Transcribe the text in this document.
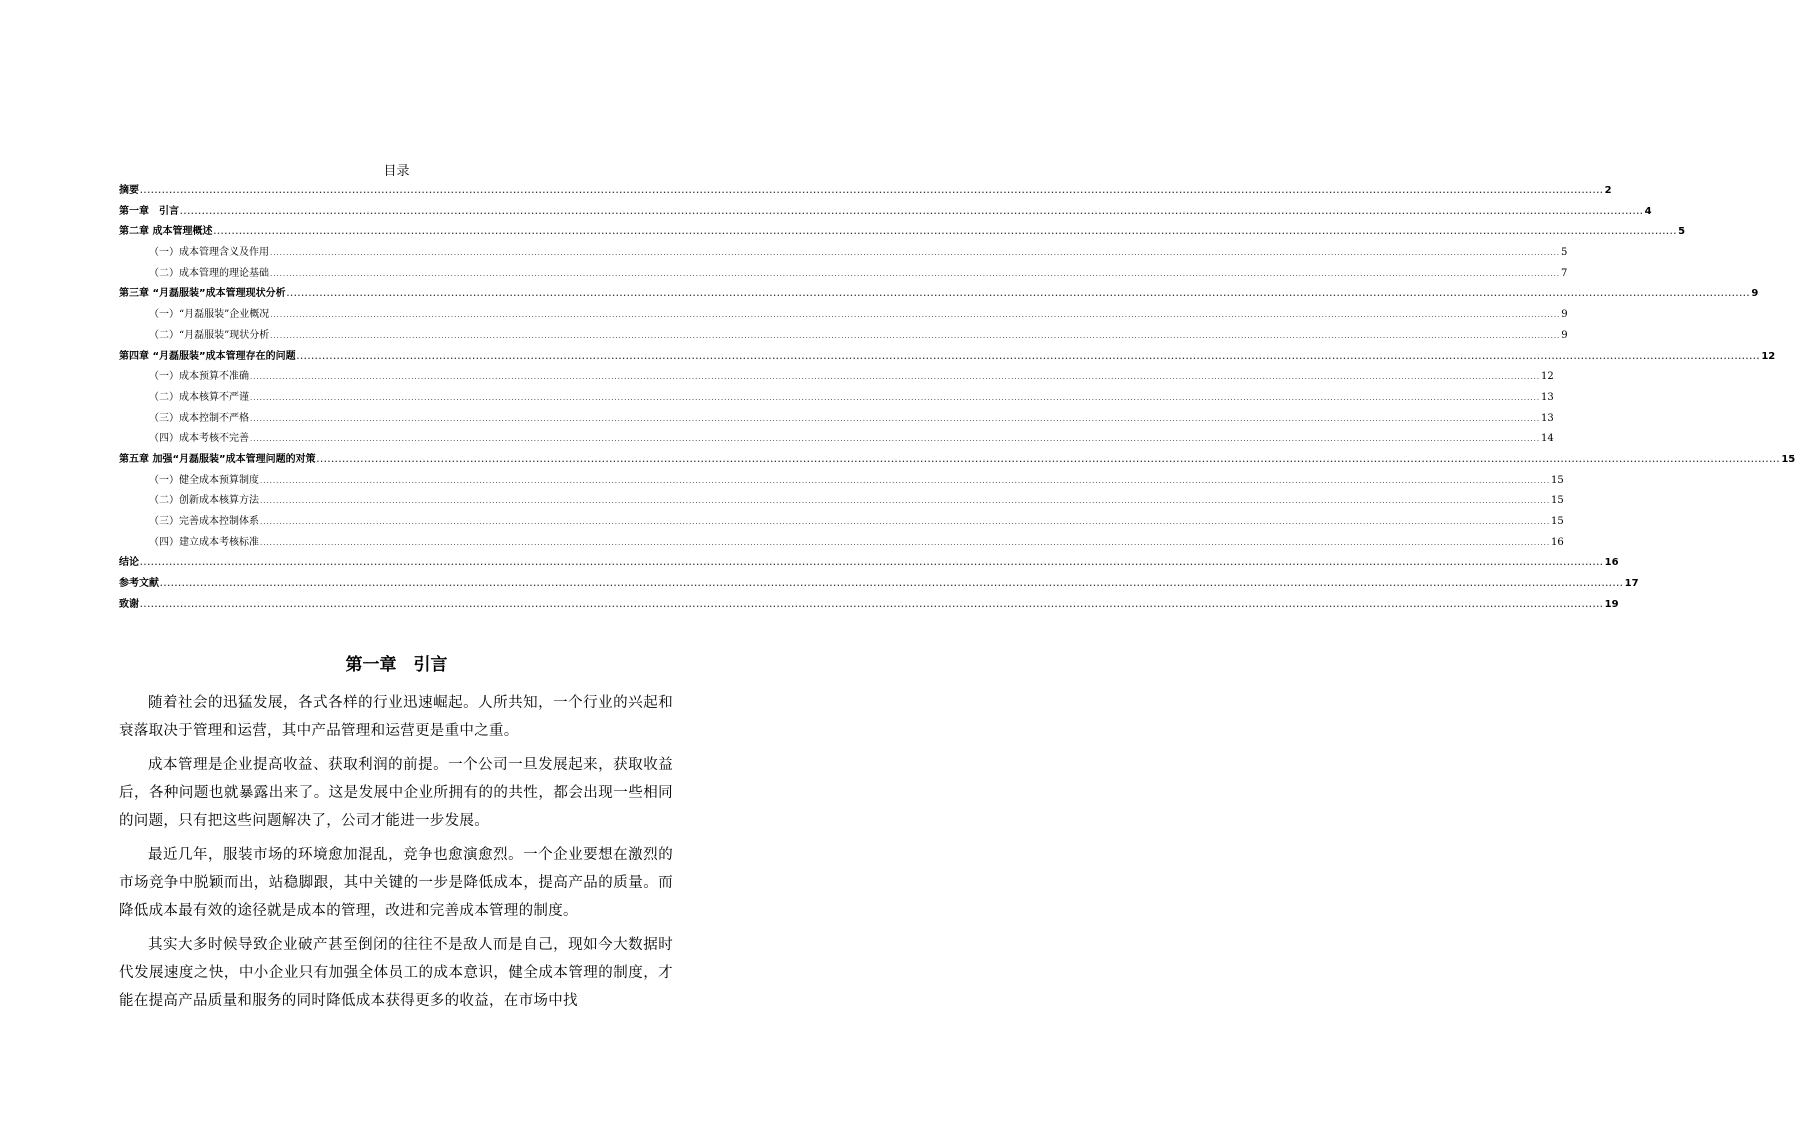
目录
摘要 ................................................................................................................................................................................................................................................................................................................................................................................................................ 2
第一章　引言 ................................................................................................................................................................................................................................................................................................................................................................................................................ 4
第二章 成本管理概述 ................................................................................................................................................................................................................................................................................................................................................................................................................ 5
（一）成本管理含义及作用 ................................................................................................................................................................................................................................................................................................................................................................................................................ 5
（二）成本管理的理论基础 ................................................................................................................................................................................................................................................................................................................................................................................................................ 7
第三章 “月磊服装”成本管理现状分析 ................................................................................................................................................................................................................................................................................................................................................................................................................ 9
（一）“月磊服装”企业概况 ................................................................................................................................................................................................................................................................................................................................................................................................................ 9
（二）“月磊服装”现状分析 ................................................................................................................................................................................................................................................................................................................................................................................................................ 9
第四章 “月磊服装”成本管理存在的问题 ................................................................................................................................................................................................................................................................................................................................................................................................................ 12
（一）成本预算不准确 ................................................................................................................................................................................................................................................................................................................................................................................................................ 12
（二）成本核算不严谨 ................................................................................................................................................................................................................................................................................................................................................................................................................ 13
（三）成本控制不严格 ................................................................................................................................................................................................................................................................................................................................................................................................................ 13
（四）成本考核不完善 ................................................................................................................................................................................................................................................................................................................................................................................................................ 14
第五章 加强“月磊服装”成本管理问题的对策 ................................................................................................................................................................................................................................................................................................................................................................................................................ 15
（一）健全成本预算制度 ................................................................................................................................................................................................................................................................................................................................................................................................................ 15
（二）创新成本核算方法 ................................................................................................................................................................................................................................................................................................................................................................................................................ 15
（三）完善成本控制体系 ................................................................................................................................................................................................................................................................................................................................................................................................................ 15
（四）建立成本考核标准 ................................................................................................................................................................................................................................................................................................................................................................................................................ 16
结论 ................................................................................................................................................................................................................................................................................................................................................................................................................ 16
参考文献 ................................................................................................................................................................................................................................................................................................................................................................................................................ 17
致谢 ................................................................................................................................................................................................................................................................................................................................................................................................................ 19
第一章　引言

随着社会的迅猛发展，各式各样的行业迅速崛起。人所共知，一个行业的兴起和衰落取决于管理和运营，其中产品管理和运营更是重中之重。

成本管理是企业提高收益、获取利润的前提。一个公司一旦发展起来，获取收益后，各种问题也就暴露出来了。这是发展中企业所拥有的的共性，都会出现一些相同的问题，只有把这些问题解决了，公司才能进一步发展。

最近几年，服装市场的环境愈加混乱，竞争也愈演愈烈。一个企业要想在激烈的市场竞争中脱颖而出，站稳脚跟，其中关键的一步是降低成本，提高产品的质量。而降低成本最有效的途径就是成本的管理，改进和完善成本管理的制度。

其实大多时候导致企业破产甚至倒闭的往往不是敌人而是自己，现如今大数据时代发展速度之快，中小企业只有加强全体员工的成本意识，健全成本管理的制度，才能在提高产品质量和服务的同时降低成本获得更多的收益，在市场中找
